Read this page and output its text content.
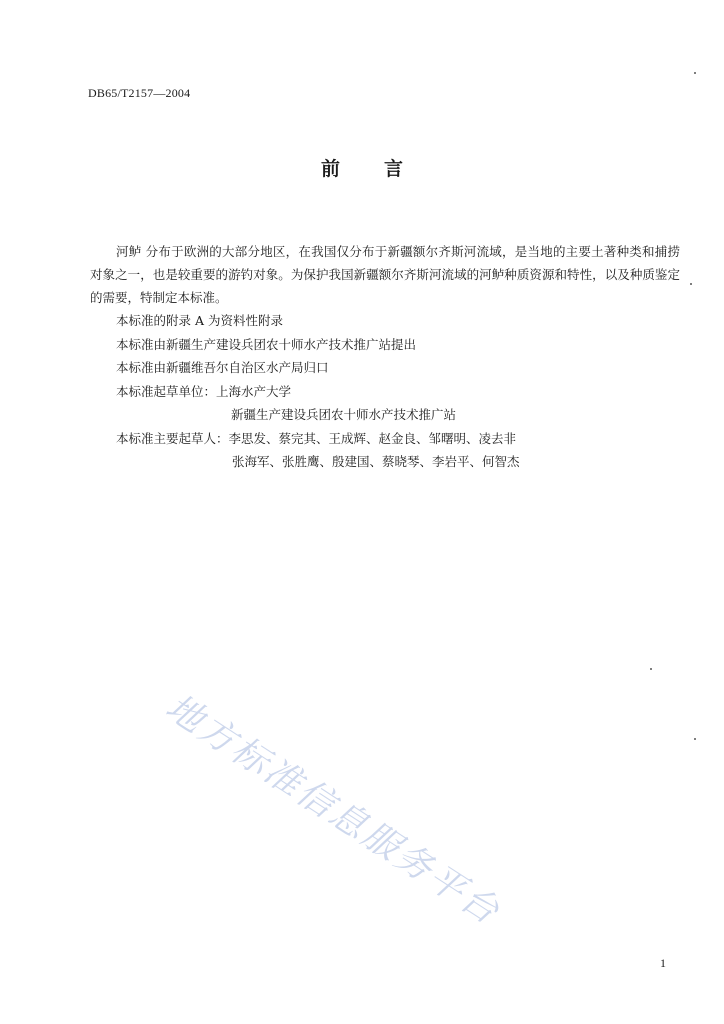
DB65/T2157—2004
前言

河鲈 分布于欧洲的大部分地区，在我国仅分布于新疆额尔齐斯河流域，是当地的主要土著种类和捕捞对象之一，也是较重要的游钓对象。为保护我国新疆额尔齐斯河流域的河鲈种质资源和特性，以及种质鉴定的需要，特制定本标准。

本标准的附录 A 为资料性附录

本标准由新疆生产建设兵团农十师水产技术推广站提出

本标准由新疆维吾尔自治区水产局归口

本标准起草单位：上海水产大学

新疆生产建设兵团农十师水产技术推广站

本标准主要起草人：李思发、蔡完其、王成辉、赵金良、邹曙明、凌去非

张海军、张胜鹰、殷建国、蔡晓琴、李岩平、何智杰

地方标准信息服务平台
1
